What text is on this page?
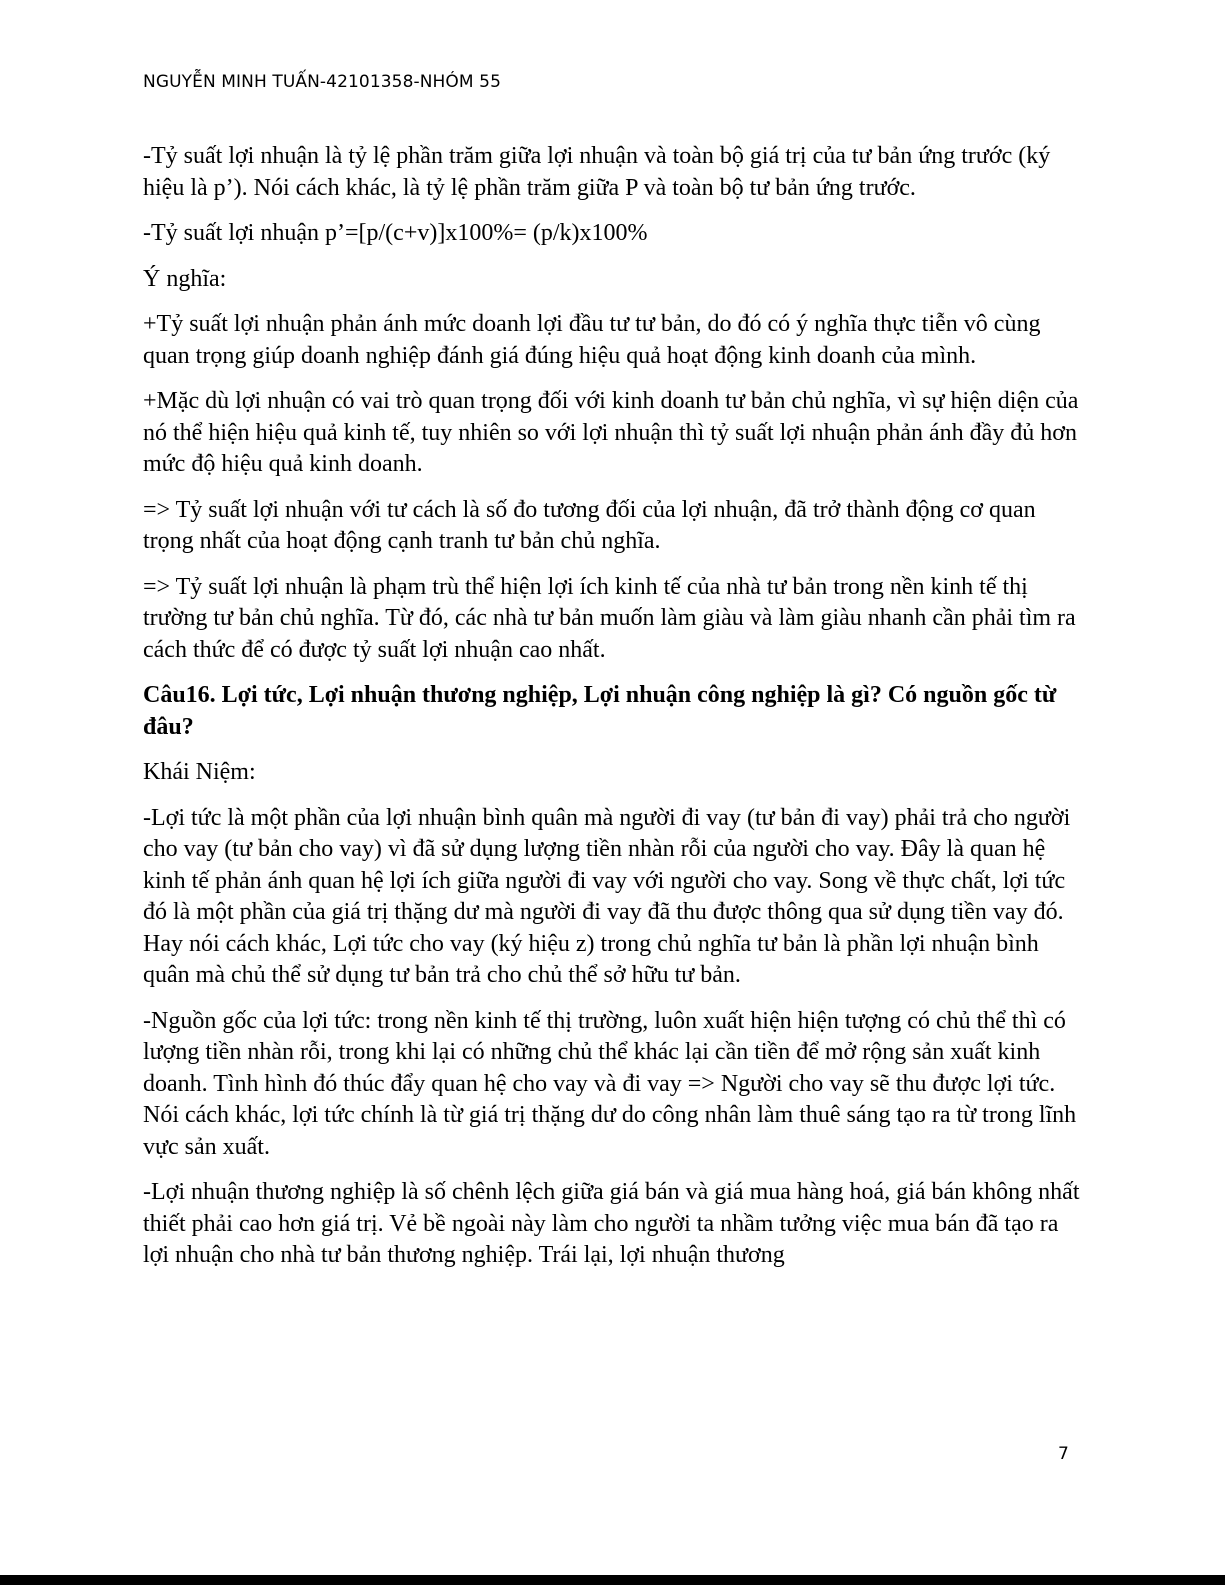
NGUYỄN MINH TUẤN-42101358-NHÓM 55

-Tỷ suất lợi nhuận là tỷ lệ phần trăm giữa lợi nhuận và toàn bộ giá trị của tư bản ứng trước (ký hiệu là p’). Nói cách khác, là tỷ lệ phần trăm giữa P và toàn bộ tư bản ứng trước.

-Tỷ suất lợi nhuận p’=[p/(c+v)]x100%= (p/k)x100%

Ý nghĩa:

+Tỷ suất lợi nhuận phản ánh mức doanh lợi đầu tư tư bản, do đó có ý nghĩa thực tiễn vô cùng quan trọng giúp doanh nghiệp đánh giá đúng hiệu quả hoạt động kinh doanh của mình.

+Mặc dù lợi nhuận có vai trò quan trọng đối với kinh doanh tư bản chủ nghĩa, vì sự hiện diện của nó thể hiện hiệu quả kinh tế, tuy nhiên so với lợi nhuận thì tỷ suất lợi nhuận phản ánh đầy đủ hơn mức độ hiệu quả kinh doanh.

=> Tỷ suất lợi nhuận với tư cách là số đo tương đối của lợi nhuận, đã trở thành động cơ quan trọng nhất của hoạt động cạnh tranh tư bản chủ nghĩa.

=> Tỷ suất lợi nhuận là phạm trù thể hiện lợi ích kinh tế của nhà tư bản trong nền kinh tế thị trường tư bản chủ nghĩa. Từ đó, các nhà tư bản muốn làm giàu và làm giàu nhanh cần phải tìm ra cách thức để có được tỷ suất lợi nhuận cao nhất.

Câu16. Lợi tức, Lợi nhuận thương nghiệp, Lợi nhuận công nghiệp là gì? Có nguồn gốc từ đâu?

Khái Niệm:

-Lợi tức là một phần của lợi nhuận bình quân mà người đi vay (tư bản đi vay) phải trả cho người cho vay (tư bản cho vay) vì đã sử dụng lượng tiền nhàn rỗi của người cho vay. Đây là quan hệ kinh tế phản ánh quan hệ lợi ích giữa người đi vay với người cho vay. Song về thực chất, lợi tức đó là một phần của giá trị thặng dư mà người đi vay đã thu được thông qua sử dụng tiền vay đó. Hay nói cách khác, Lợi tức cho vay (ký hiệu z) trong chủ nghĩa tư bản là phần lợi nhuận bình quân mà chủ thể sử dụng tư bản trả cho chủ thể sở hữu tư bản.

-Nguồn gốc của lợi tức: trong nền kinh tế thị trường, luôn xuất hiện hiện tượng có chủ thể thì có lượng tiền nhàn rỗi, trong khi lại có những chủ thể khác lại cần tiền để mở rộng sản xuất kinh doanh. Tình hình đó thúc đẩy quan hệ cho vay và đi vay => Người cho vay sẽ thu được lợi tức. Nói cách khác, lợi tức chính là từ giá trị thặng dư do công nhân làm thuê sáng tạo ra từ trong lĩnh vực sản xuất.

-Lợi nhuận thương nghiệp là số chênh lệch giữa giá bán và giá mua hàng hoá, giá bán không nhất thiết phải cao hơn giá trị. Vẻ bề ngoài này làm cho người ta nhầm tưởng việc mua bán đã tạo ra lợi nhuận cho nhà tư bản thương nghiệp. Trái lại, lợi nhuận thương

7
